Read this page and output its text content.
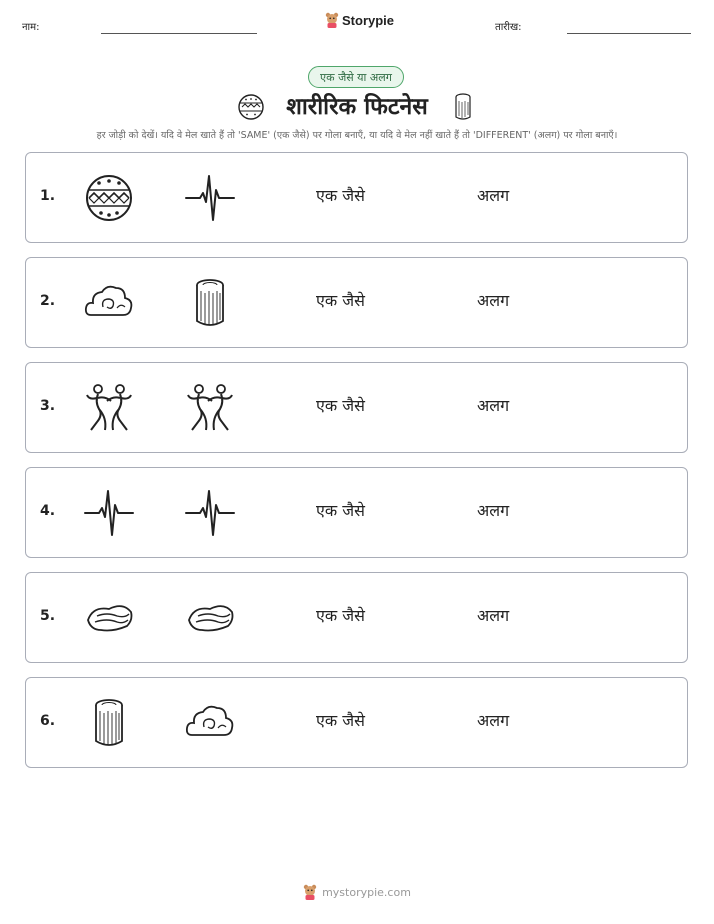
नाम:	Storypie	तारीख:
एक जैसे या अलग
शारीरिक फिटनेस
हर जोड़ी को देखें। यदि वे मेल खाते हैं तो 'SAME' (एक जैसे) पर गोला बनाएँ, या यदि वे मेल नहीं खाते हैं तो 'DIFFERENT' (अलग) पर गोला बनाएँ।
1.	एक जैसे	अलग
2.	एक जैसे	अलग
3.	एक जैसे	अलग
4.	एक जैसे	अलग
5.	एक जैसे	अलग
6.	एक जैसे	अलग
mystorypie.com
